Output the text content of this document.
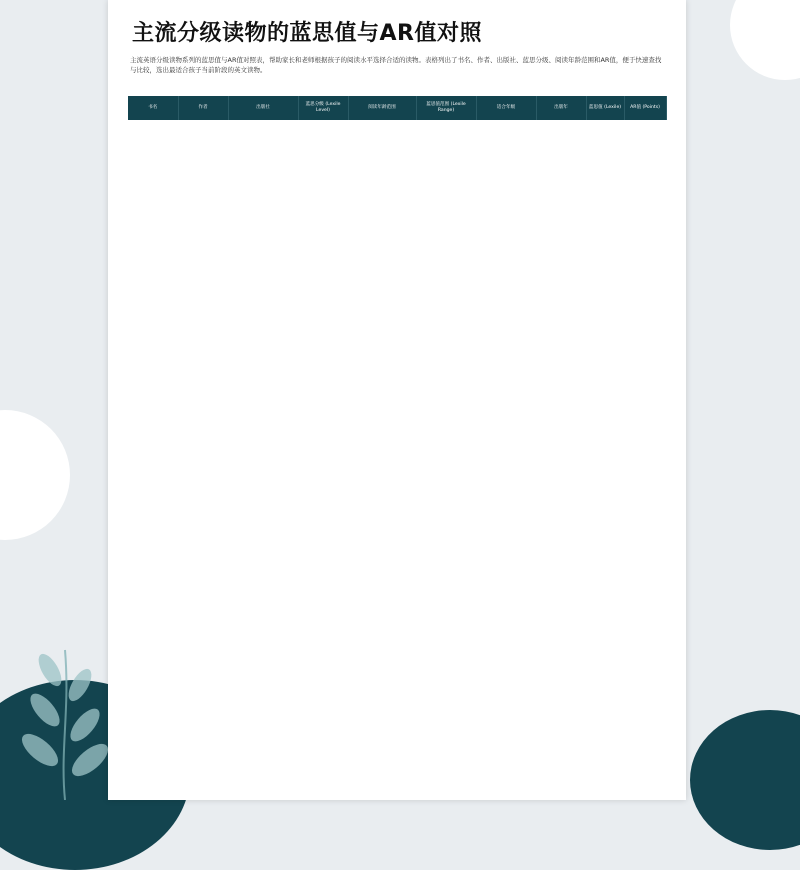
主流分级读物的蓝思值与AR值对照

主流英语分级读物系列的蓝思值与AR值对照表，帮助家长和老师根据孩子的阅读水平选择合适的读物。表格列出了书名、作者、出版社、蓝思分级、阅读年龄范围和AR值，便于快速查找与比较，选出最适合孩子当前阶段的英文读物。

书名	作者	出版社	蓝思分级 (Lexile Level)	阅读年龄范围	蓝思值范围 (Lexile Range)	适合年级	出版年	蓝思值 (Lexile)	AR值 (Points)
